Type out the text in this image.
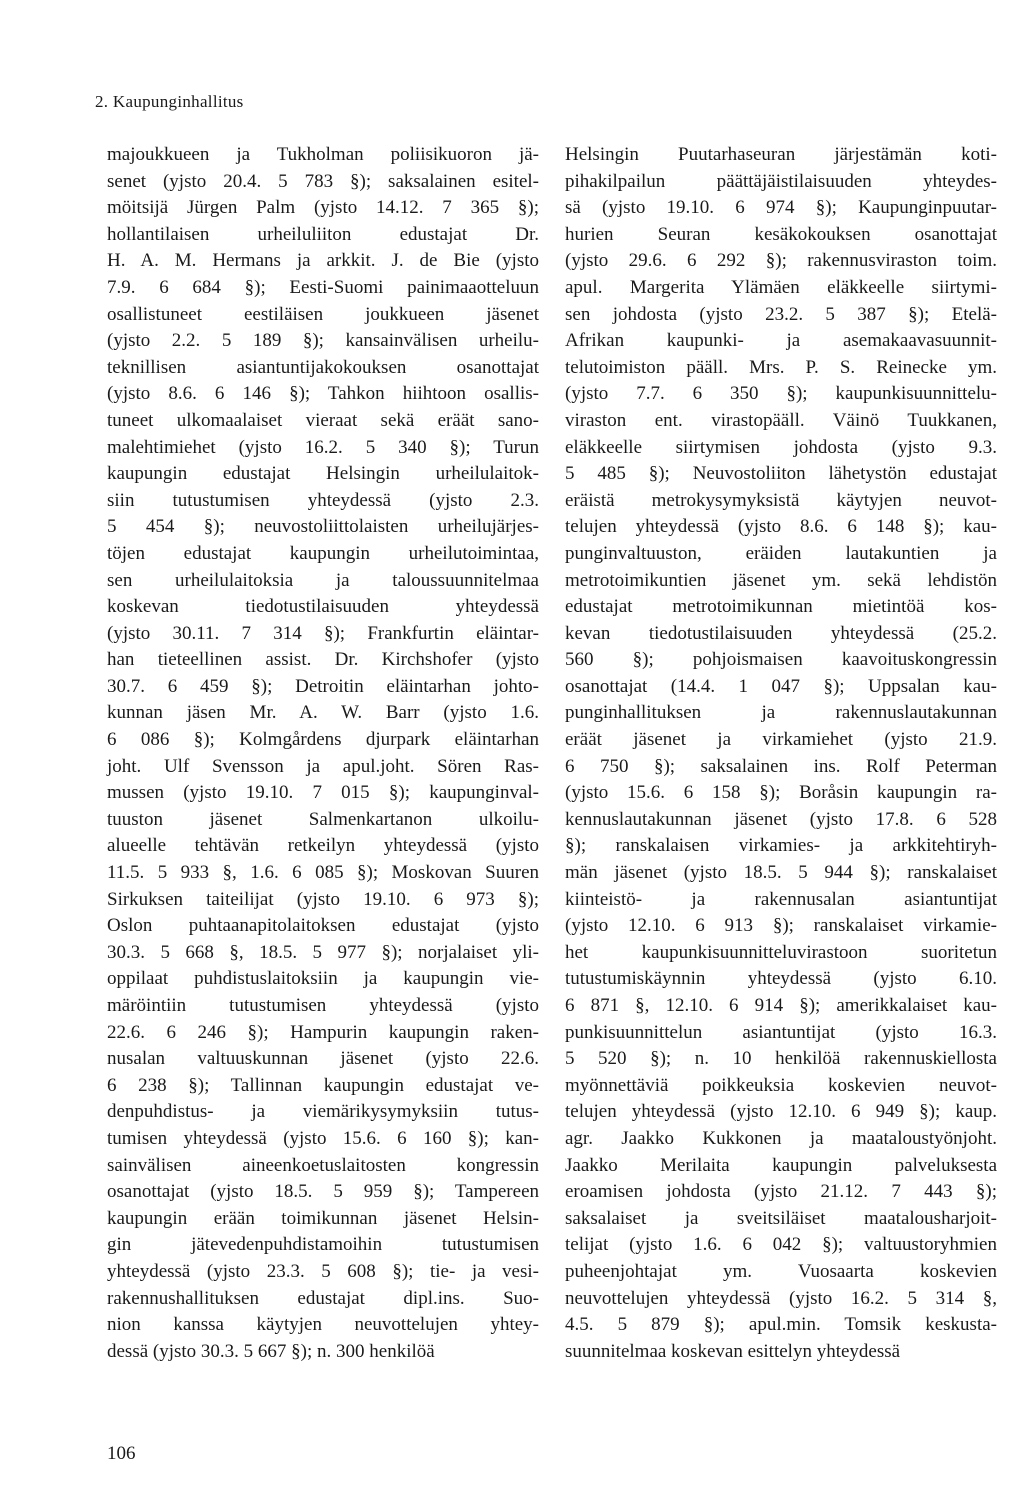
2. Kaupunginhallitus
majoukkueen ja Tukholman poliisikuoron jä-
senet (yjsto 20.4. 5 783 §); saksalainen esitel-
möitsijä Jürgen Palm (yjsto 14.12. 7 365 §);
hollantilaisen urheiluliiton edustajat Dr.
H. A. M. Hermans ja arkkit. J. de Bie (yjsto
7.9. 6 684 §); Eesti-Suomi painimaaotteluun
osallistuneet eestiläisen joukkueen jäsenet
(yjsto 2.2. 5 189 §); kansainvälisen urheilu-
teknillisen asiantuntijakokouksen osanottajat
(yjsto 8.6. 6 146 §); Tahkon hiihtoon osallis-
tuneet ulkomaalaiset vieraat sekä eräät sano-
malehtimiehet (yjsto 16.2. 5 340 §); Turun
kaupungin edustajat Helsingin urheilulaitok-
siin tutustumisen yhteydessä (yjsto 2.3.
5 454 §); neuvostoliittolaisten urheilujärjes-
töjen edustajat kaupungin urheilutoimintaa,
sen urheilulaitoksia ja taloussuunnitelmaa
koskevan tiedotustilaisuuden yhteydessä
(yjsto 30.11. 7 314 §); Frankfurtin eläintar-
han tieteellinen assist. Dr. Kirchshofer (yjsto
30.7. 6 459 §); Detroitin eläintarhan johto-
kunnan jäsen Mr. A. W. Barr (yjsto 1.6.
6 086 §); Kolmgårdens djurpark eläintarhan
joht. Ulf Svensson ja apul.joht. Sören Ras-
mussen (yjsto 19.10. 7 015 §); kaupunginval-
tuuston jäsenet Salmenkartanon ulkoilu-
alueelle tehtävän retkeilyn yhteydessä (yjsto
11.5. 5 933 §, 1.6. 6 085 §); Moskovan Suuren
Sirkuksen taiteilijat (yjsto 19.10. 6 973 §);
Oslon puhtaanapitolaitoksen edustajat (yjsto
30.3. 5 668 §, 18.5. 5 977 §); norjalaiset yli-
oppilaat puhdistuslaitoksiin ja kaupungin vie-
märöintiin tutustumisen yhteydessä (yjsto
22.6. 6 246 §); Hampurin kaupungin raken-
nusalan valtuuskunnan jäsenet (yjsto 22.6.
6 238 §); Tallinnan kaupungin edustajat ve-
denpuhdistus- ja viemärikysymyksiin tutus-
tumisen yhteydessä (yjsto 15.6. 6 160 §); kan-
sainvälisen aineenkoetuslaitosten kongressin
osanottajat (yjsto 18.5. 5 959 §); Tampereen
kaupungin erään toimikunnan jäsenet Helsin-
gin jätevedenpuhdistamoihin tutustumisen
yhteydessä (yjsto 23.3. 5 608 §); tie- ja vesi-
rakennushallituksen edustajat dipl.ins. Suo-
nion kanssa käytyjen neuvottelujen yhtey-
dessä (yjsto 30.3. 5 667 §); n. 300 henkilöä
Helsingin Puutarhaseuran järjestämän koti-
pihakilpailun päättäjäistilaisuuden yhteydes-
sä (yjsto 19.10. 6 974 §); Kaupunginpuutar-
hurien Seuran kesäkokouksen osanottajat
(yjsto 29.6. 6 292 §); rakennusviraston toim.
apul. Margerita Ylämäen eläkkeelle siirtymi-
sen johdosta (yjsto 23.2. 5 387 §); Etelä-
Afrikan kaupunki- ja asemakaavasuunnit-
telutoimiston pääll. Mrs. P. S. Reinecke ym.
(yjsto 7.7. 6 350 §); kaupunkisuunnittelu-
viraston ent. virastopääll. Väinö Tuukkanen,
eläkkeelle siirtymisen johdosta (yjsto 9.3.
5 485 §); Neuvostoliiton lähetystön edustajat
eräistä metrokysymyksistä käytyjen neuvot-
telujen yhteydessä (yjsto 8.6. 6 148 §); kau-
punginvaltuuston, eräiden lautakuntien ja
metrotoimikuntien jäsenet ym. sekä lehdistön
edustajat metrotoimikunnan mietintöä kos-
kevan tiedotustilaisuuden yhteydessä (25.2.
560 §); pohjoismaisen kaavoituskongressin
osanottajat (14.4. 1 047 §); Uppsalan kau-
punginhallituksen ja rakennuslautakunnan
eräät jäsenet ja virkamiehet (yjsto 21.9.
6 750 §); saksalainen ins. Rolf Peterman
(yjsto 15.6. 6 158 §); Boråsin kaupungin ra-
kennuslautakunnan jäsenet (yjsto 17.8. 6 528
§); ranskalaisen virkamies- ja arkkitehtiryh-
män jäsenet (yjsto 18.5. 5 944 §); ranskalaiset
kiinteistö- ja rakennusalan asiantuntijat
(yjsto 12.10. 6 913 §); ranskalaiset virkamie-
het kaupunkisuunnitteluvirastoon suoritetun
tutustumiskäynnin yhteydessä (yjsto 6.10.
6 871 §, 12.10. 6 914 §); amerikkalaiset kau-
punkisuunnittelun asiantuntijat (yjsto 16.3.
5 520 §); n. 10 henkilöä rakennuskiellosta
myönnettäviä poikkeuksia koskevien neuvot-
telujen yhteydessä (yjsto 12.10. 6 949 §); kaup.
agr. Jaakko Kukkonen ja maataloustyönjoht.
Jaakko Merilaita kaupungin palveluksesta
eroamisen johdosta (yjsto 21.12. 7 443 §);
saksalaiset ja sveitsiläiset maatalousharjoit-
telijat (yjsto 1.6. 6 042 §); valtuustoryhmien
puheenjohtajat ym. Vuosaarta koskevien
neuvottelujen yhteydessä (yjsto 16.2. 5 314 §,
4.5. 5 879 §); apul.min. Tomsik keskusta-
suunnitelmaa koskevan esittelyn yhteydessä
106
